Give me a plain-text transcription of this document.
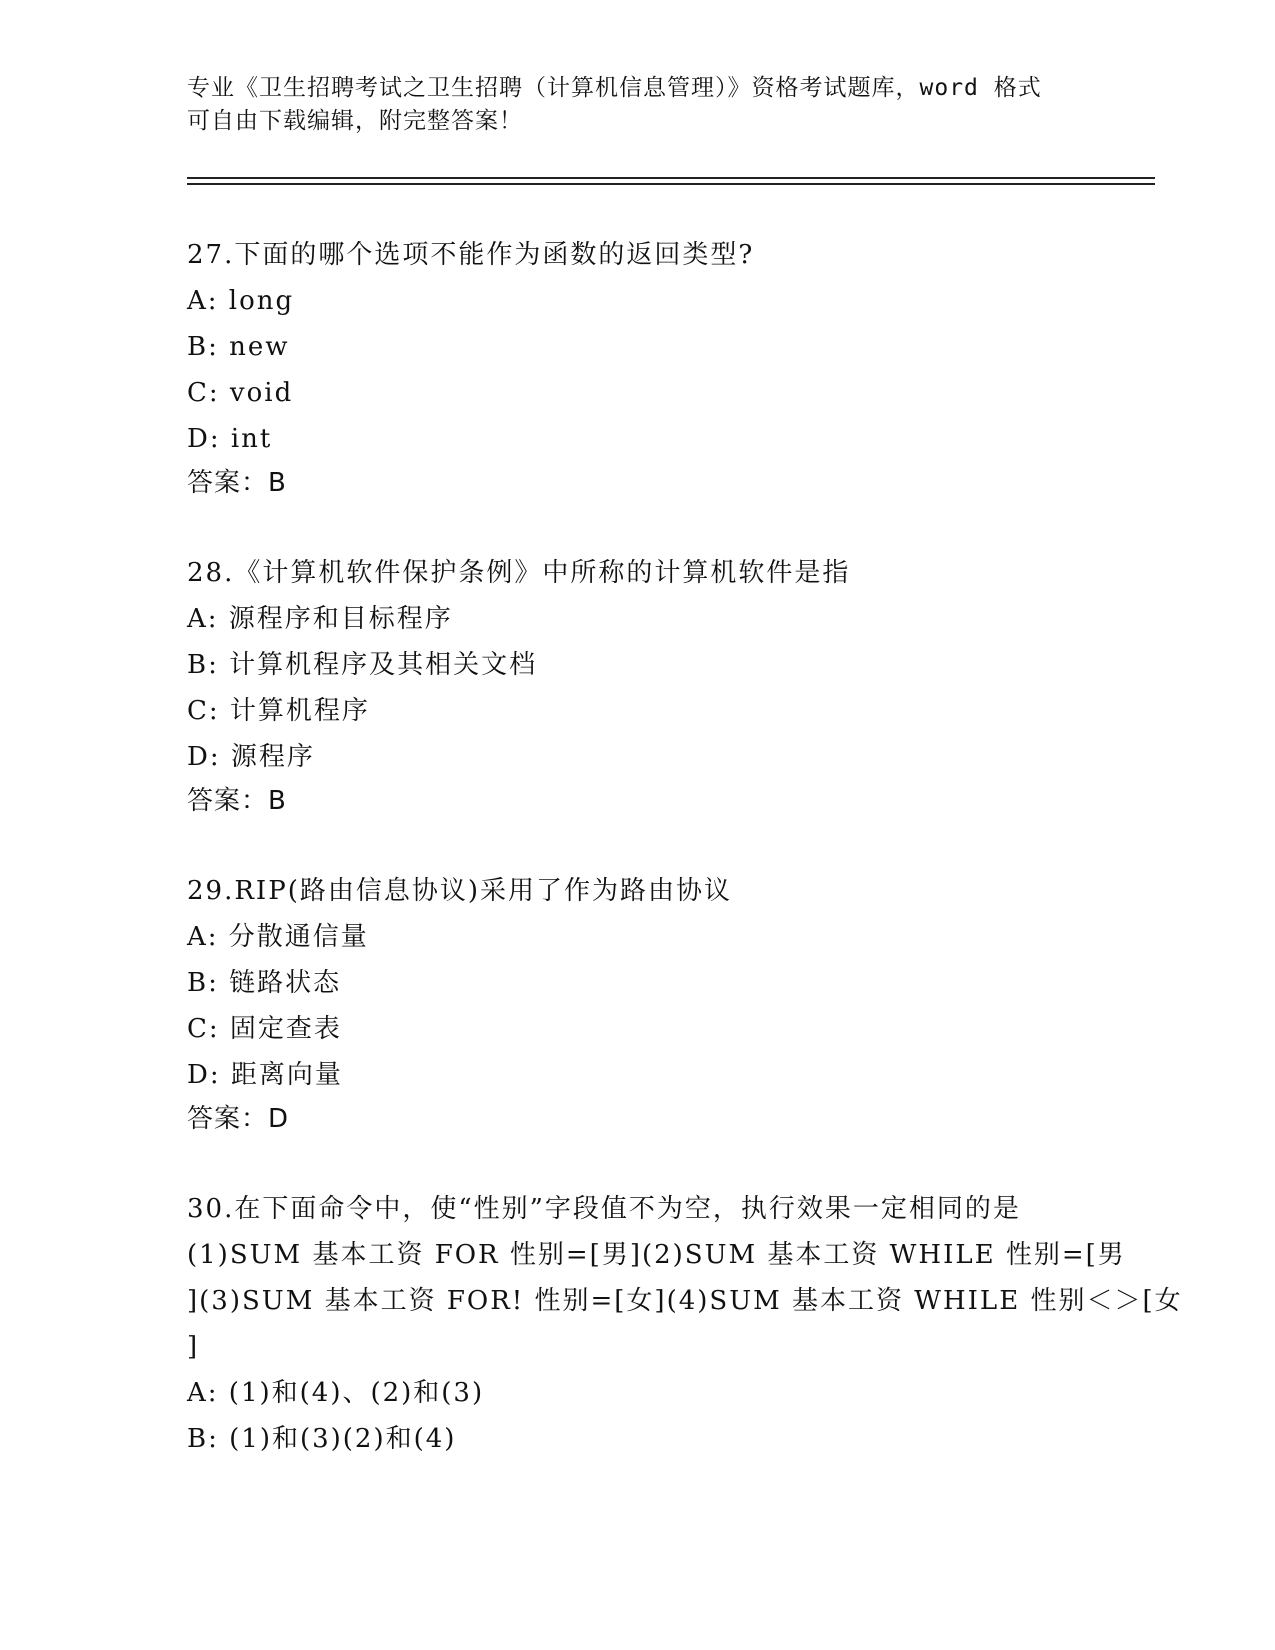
专业《卫生招聘考试之卫生招聘（计算机信息管理）》资格考试题库，word 格式
可自由下载编辑，附完整答案！
27.下面的哪个选项不能作为函数的返回类型?
A: long
B: new
C: void
D: int
答案：B
28.《计算机软件保护条例》中所称的计算机软件是指
A: 源程序和目标程序
B: 计算机程序及其相关文档
C: 计算机程序
D: 源程序
答案：B
29.RIP(路由信息协议)采用了作为路由协议
A: 分散通信量
B: 链路状态
C: 固定查表
D: 距离向量
答案：D
30.在下面命令中，使“性别”字段值不为空，执行效果一定相同的是
(1)SUM 基本工资 FOR 性别=[男](2)SUM 基本工资 WHILE 性别=[男
](3)SUM 基本工资 FOR! 性别=[女](4)SUM 基本工资 WHILE 性别＜＞[女
]
A: (1)和(4)、(2)和(3)
B: (1)和(3)(2)和(4)
